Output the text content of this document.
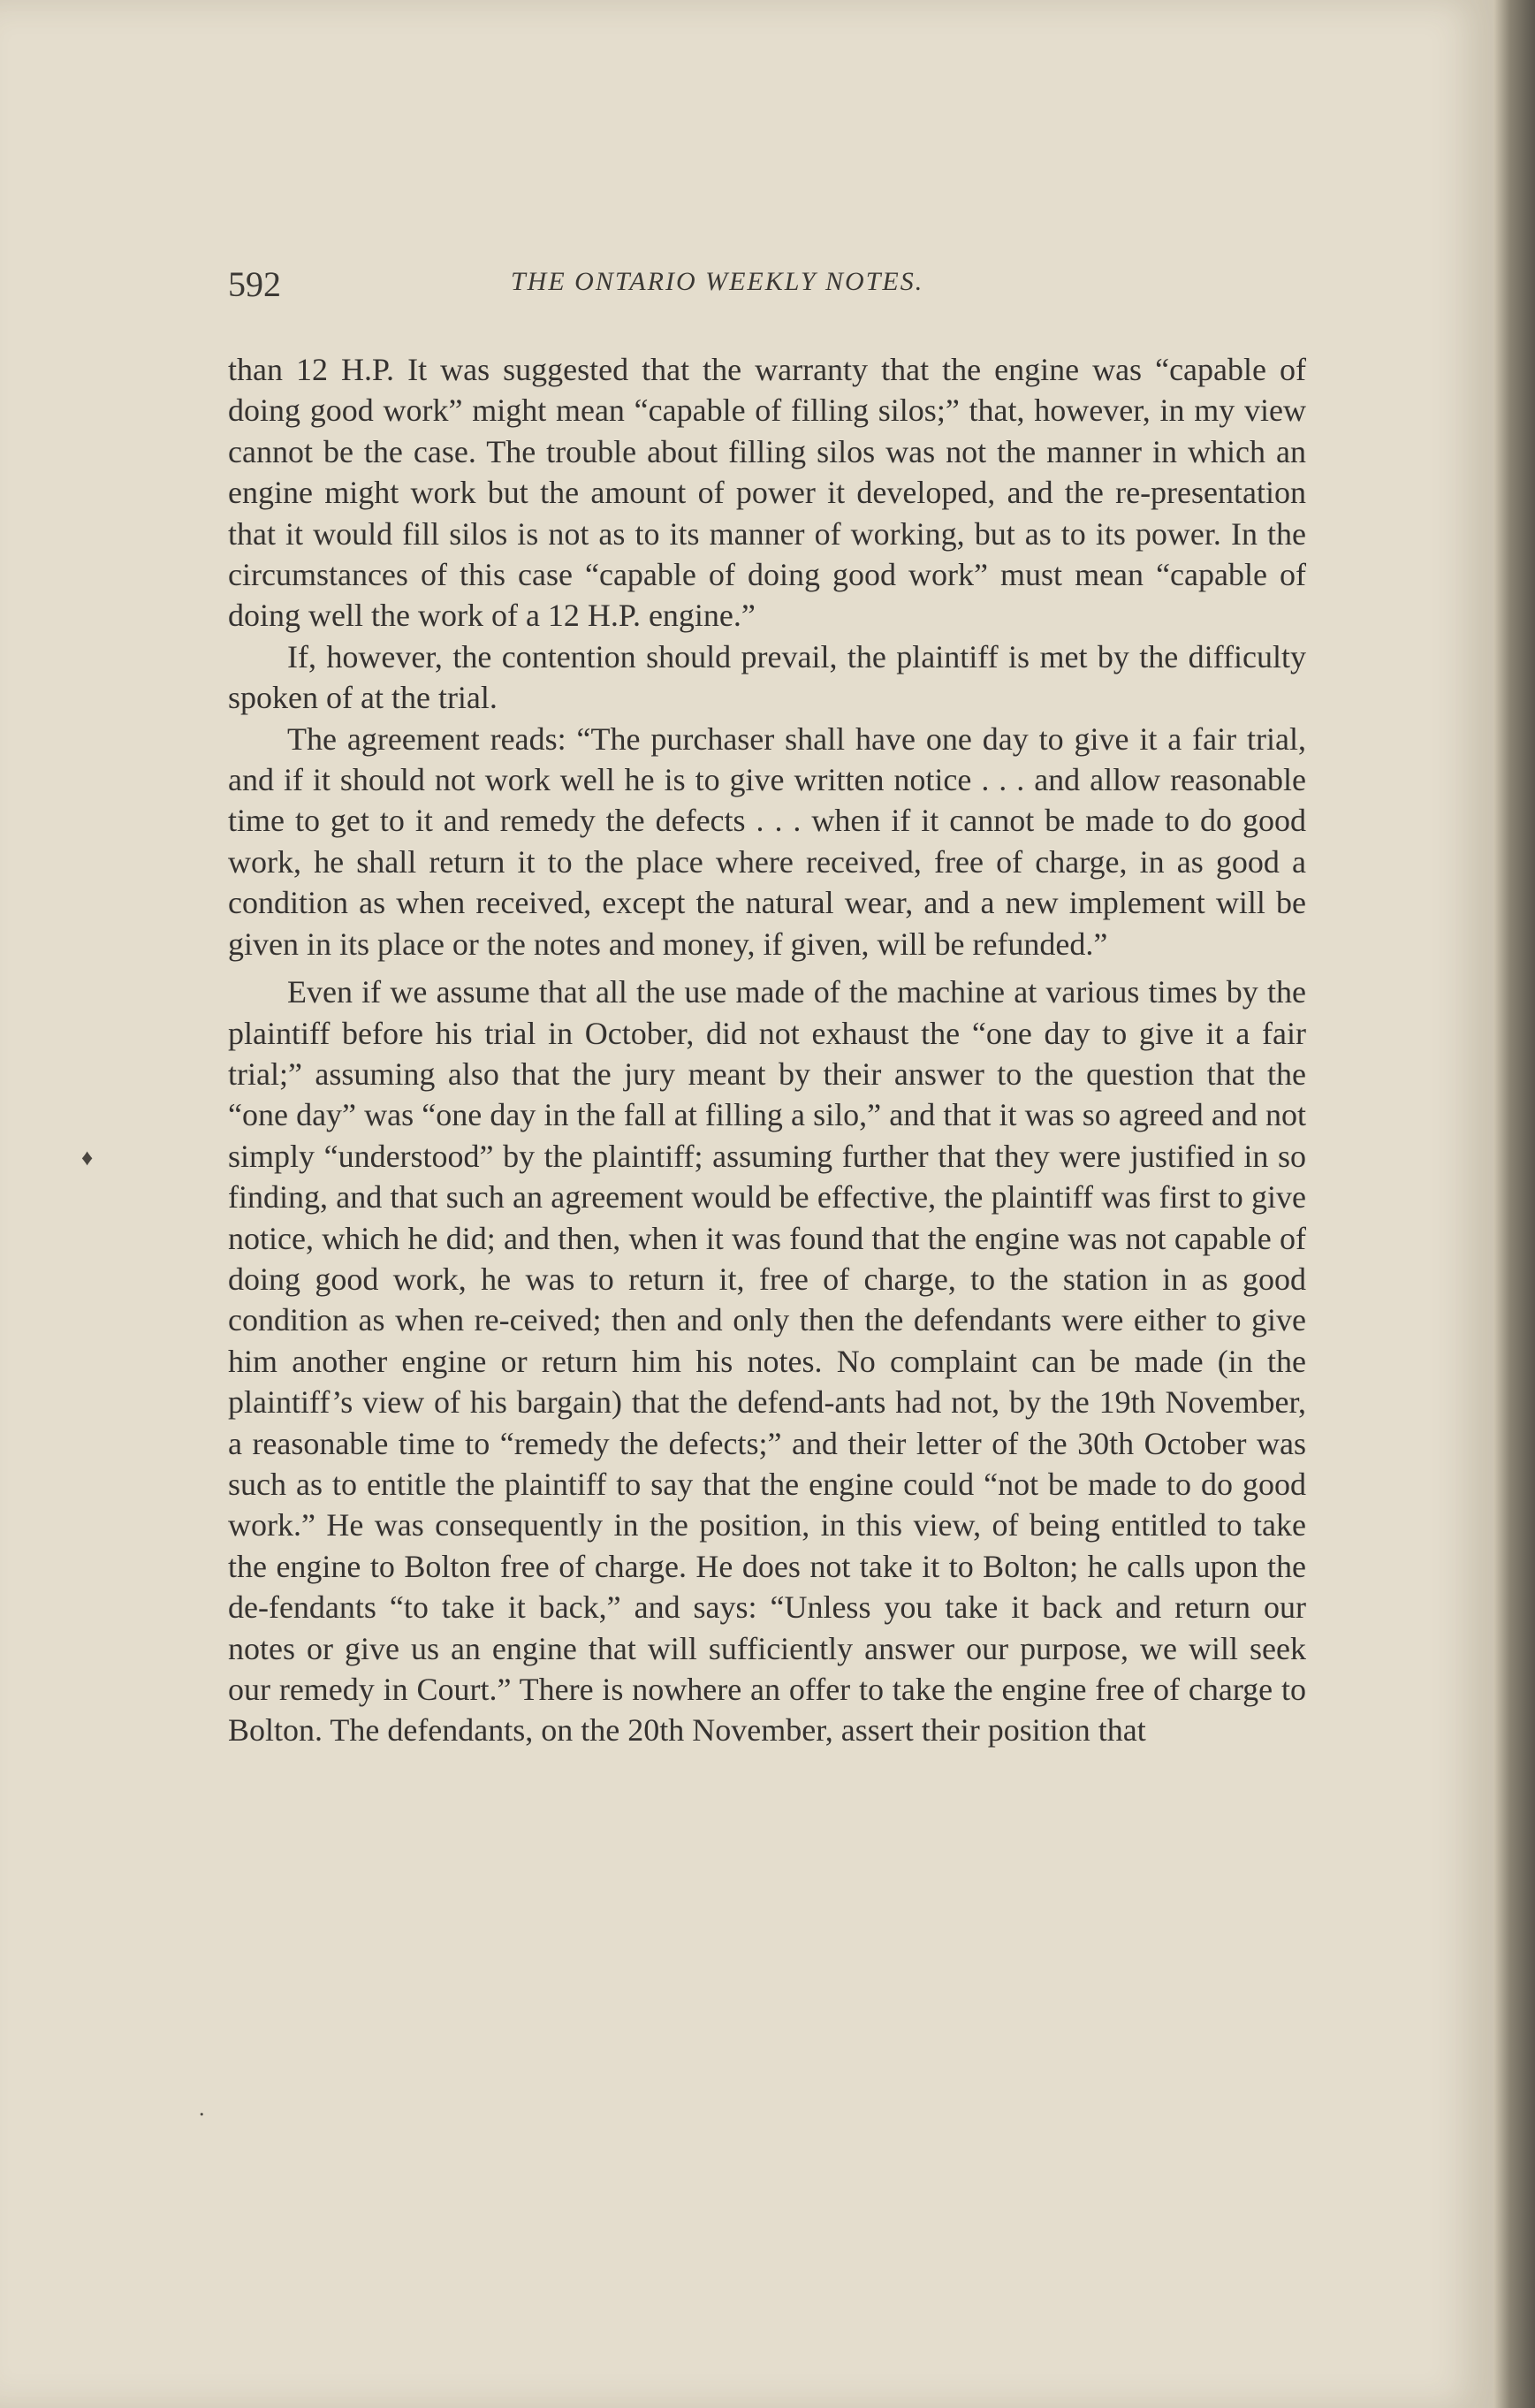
592	THE ONTARIO WEEKLY NOTES.

than 12 H.P. It was suggested that the warranty that the engine was “capable of doing good work” might mean “capable of filling silos;” that, however, in my view cannot be the case. The trouble about filling silos was not the manner in which an engine might work but the amount of power it developed, and the re-presentation that it would fill silos is not as to its manner of working, but as to its power. In the circumstances of this case “capable of doing good work” must mean “capable of doing well the work of a 12 H.P. engine.”

If, however, the contention should prevail, the plaintiff is met by the difficulty spoken of at the trial.

The agreement reads: “The purchaser shall have one day to give it a fair trial, and if it should not work well he is to give written notice . . . and allow reasonable time to get to it and remedy the defects . . . when if it cannot be made to do good work, he shall return it to the place where received, free of charge, in as good a condition as when received, except the natural wear, and a new implement will be given in its place or the notes and money, if given, will be refunded.”

Even if we assume that all the use made of the machine at various times by the plaintiff before his trial in October, did not exhaust the “one day to give it a fair trial;” assuming also that the jury meant by their answer to the question that the “one day” was “one day in the fall at filling a silo,” and that it was so agreed and not simply “understood” by the plaintiff; assuming further that they were justified in so finding, and that such an agreement would be effective, the plaintiff was first to give notice, which he did; and then, when it was found that the engine was not capable of doing good work, he was to return it, free of charge, to the station in as good condition as when re-ceived; then and only then the defendants were either to give him another engine or return him his notes. No complaint can be made (in the plaintiff’s view of his bargain) that the defend-ants had not, by the 19th November, a reasonable time to “remedy the defects;” and their letter of the 30th October was such as to entitle the plaintiff to say that the engine could “not be made to do good work.” He was consequently in the position, in this view, of being entitled to take the engine to Bolton free of charge. He does not take it to Bolton; he calls upon the de-fendants “to take it back,” and says: “Unless you take it back and return our notes or give us an engine that will sufficiently answer our purpose, we will seek our remedy in Court.” There is nowhere an offer to take the engine free of charge to Bolton. The defendants, on the 20th November, assert their position that

♦
.
